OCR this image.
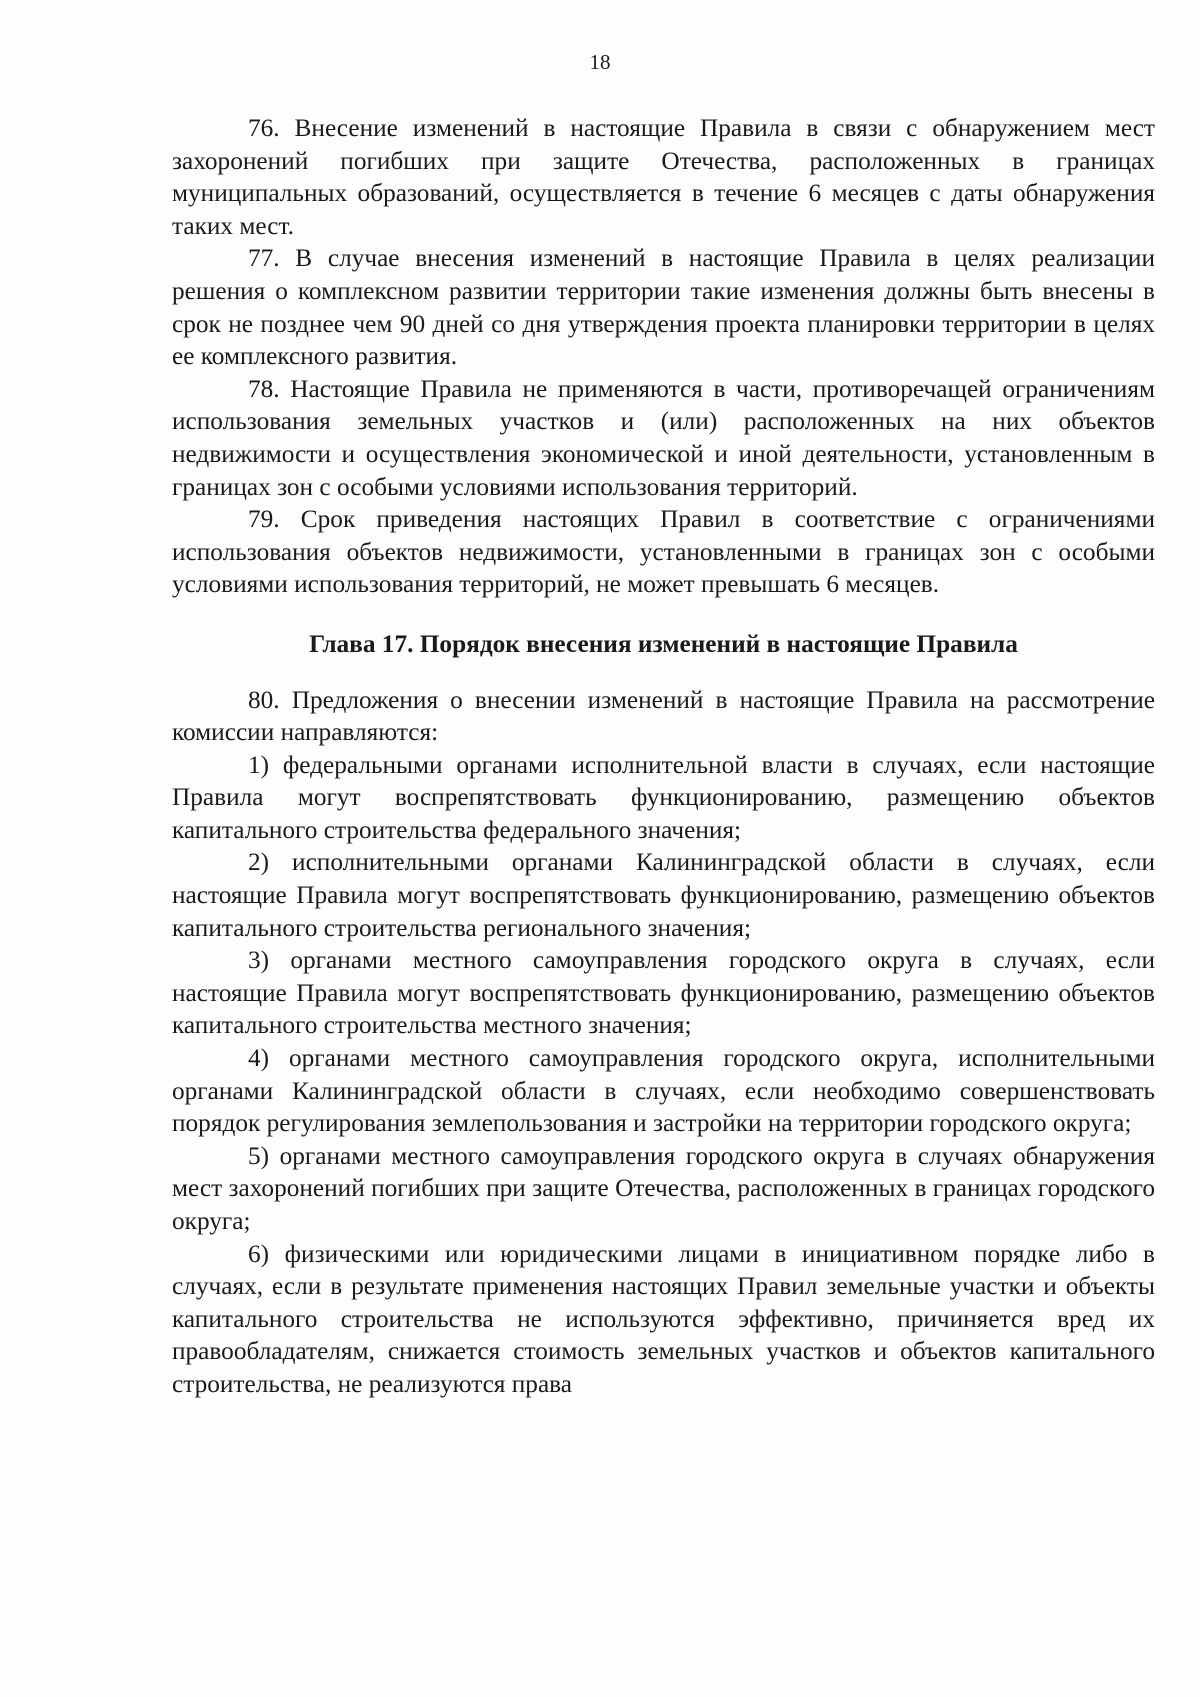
18

76. Внесение изменений в настоящие Правила в связи с обнаружением мест захоронений погибших при защите Отечества, расположенных в границах муниципальных образований, осуществляется в течение 6 месяцев с даты обнаружения таких мест.

77. В случае внесения изменений в настоящие Правила в целях реализации решения о комплексном развитии территории такие изменения должны быть внесены в срок не позднее чем 90 дней со дня утверждения проекта планировки территории в целях ее комплексного развития.

78. Настоящие Правила не применяются в части, противоречащей ограничениям использования земельных участков и (или) расположенных на них объектов недвижимости и осуществления экономической и иной деятельности, установленным в границах зон с особыми условиями использования территорий.

79. Срок приведения настоящих Правил в соответствие с ограничениями использования объектов недвижимости, установленными в границах зон с особыми условиями использования территорий, не может превышать 6 месяцев.

Глава 17. Порядок внесения изменений в настоящие Правила

80. Предложения о внесении изменений в настоящие Правила на рассмотрение комиссии направляются:

1) федеральными органами исполнительной власти в случаях, если настоящие Правила могут воспрепятствовать функционированию, размещению объектов капитального строительства федерального значения;

2) исполнительными органами Калининградской области в случаях, если настоящие Правила могут воспрепятствовать функционированию, размещению объектов капитального строительства регионального значения;

3) органами местного самоуправления городского округа в случаях, если настоящие Правила могут воспрепятствовать функционированию, размещению объектов капитального строительства местного значения;

4) органами местного самоуправления городского округа, исполнительными органами Калининградской области в случаях, если необходимо совершенствовать порядок регулирования землепользования и застройки на территории городского округа;

5) органами местного самоуправления городского округа в случаях обнаружения мест захоронений погибших при защите Отечества, расположенных в границах городского округа;

6) физическими или юридическими лицами в инициативном порядке либо в случаях, если в результате применения настоящих Правил земельные участки и объекты капитального строительства не используются эффективно, причиняется вред их правообладателям, снижается стоимость земельных участков и объектов капитального строительства, не реализуются права
